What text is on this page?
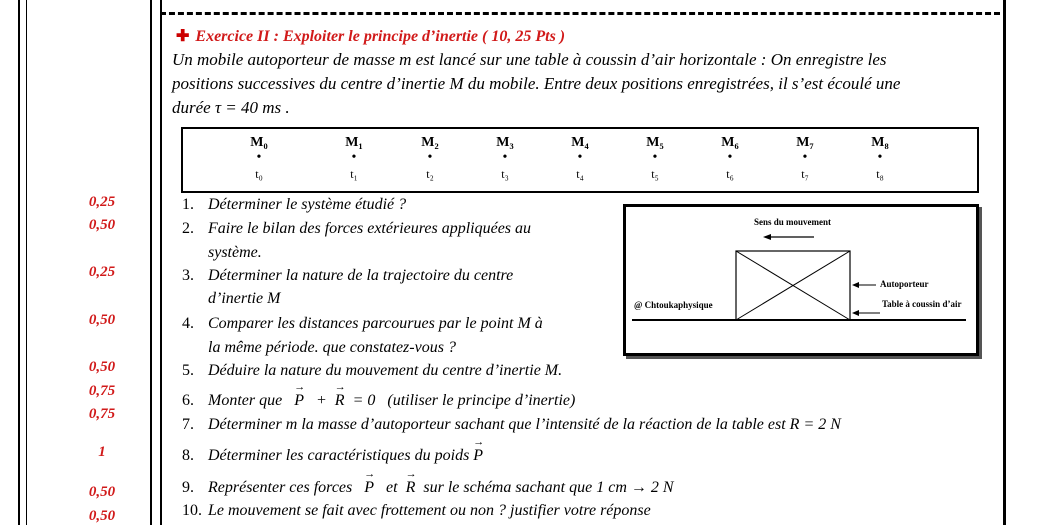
✚ Exercice II : Exploiter le principe d’inertie ( 10, 25 Pts )
Un mobile autoporteur de masse m est lancé sur une table à coussin d’air horizontale : On enregistre les
positions successives du centre d’inertie M du mobile. Entre deux positions enregistrées, il s’est écoulé une
durée τ = 40 ms .
M₀
•
t₀
M₁
•
t₁
M₂
•
t₂
M₃
•
t₃
M₄
•
t₄
M₅
•
t₅
M₆
•
t₆
M₇
•
t₇
M₈
•
t₈
0,25
0,50
0,25
0,50
0,50
0,75
0,75
1
0,50
0,50
1. Déterminer le système étudié ?
2. Faire le bilan des forces extérieures appliquées au
système.
3. Déterminer la nature de la trajectoire du centre
d’inertie M
4. Comparer les distances parcourues par le point M à
la même période. que constatez-vous ?
5. Déduire la nature du mouvement du centre d’inertie M.
6. Monter que → P + → R = 0 (utiliser le principe d’inertie)
7. Déterminer m la masse d’autoporteur sachant que l’intensité de la réaction de la table est R = 2 N
8. Déterminer les caractéristiques du poids → P
9. Représenter ces forces → P et → R sur le schéma sachant que 1 cm → 2 N
10. Le mouvement se fait avec frottement ou non ? justifier votre réponse
Sens du mouvement
Autoporteur
Table à coussin d’air
@ Chtoukaphysique
